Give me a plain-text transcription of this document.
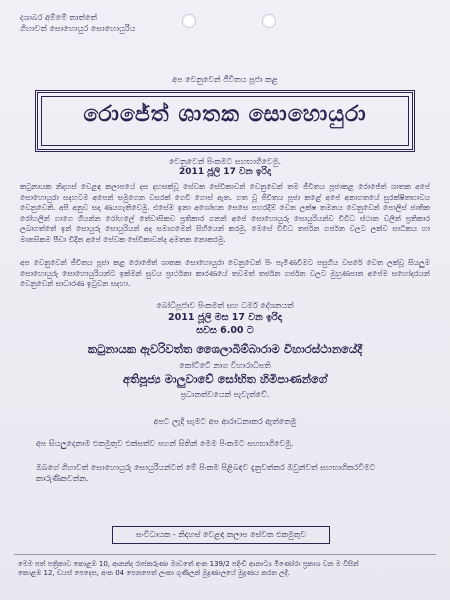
දශාබර අම්මේ තාත්තේ
ගිහාවත් සොහොයුර සොහොයුරිය
අප වෙනුවෙන් ජීවිතය පූජා කළ
රොජේත් ශාතක සොහොයුරා
වෙනුවෙන් පිංකමට සහභාගිවෙමු.
2011 ජූලි 17 වන ඉරිදා
කටුනායක නිදහස් වෙළඳ කලාපයේ දස දහසක්වූ සේවක සේවිකාවන් වෙනුවෙන් තම ජීවිතය පූජාකළ රොජේත් ශාතක අපේ සොහොයුරා සදහටම අපෙන් සමුගෙන වසරක් ගෙවී ගොස් ඇත. ගත වූ ජීවිතය පූජා කළේ අපේ අනාගතයේ සුරක්ෂිතභාවය වෙනුවෙනි. අපි අනුව සදා ණයගැතිවෙමු. එසේම ඉනා අශෝභන සෙසෙ පහරදීම් වෙන ලක්ෂ තමනය වෙනුවෙන් පොලිස් ජාතික රෝහලින් ගාගෙ ගියන්න රෝහලේ තේවාසිකව ප්‍රතිකාර ගනන් අපේ සොහොයුරු සොයුරියන්ව විවිධ ස්ථාන වලින් ප්‍රතිකාර ලබාගත්තේ ඉන් සොයුරු සොයුරියන් අද සමාගමෙන් සිහියෙන් කරමු. මෙසේ විවිධ තර්ජන ගර්ජන වලට ලක්ව සාධිකය හා මානසිකම පීඩා විදින අපේ සේවක සේවිකාවන්ද අමතක නොකරමු.
අප වෙනුවෙන් ජීවිතය පූජා කළ රොජේත් ශාතක සොහොයුරා වෙනුවෙන් පිං පැමිණවීමට පසුගිය වසරේ වෙත ලක්වූ සියලුම සොහොයුරු සොහොයුරියන්ට ඉක්මන් සුවය ප්‍රාර්ථනා කාරණයේ තවමත් තර්ජන ගර්ජන වලට මුහුණපාන අපේම සහෝදරයන් වෙනුවෙන් සාධාරණ ඉටුවන සදහා.
බෝධිපූජාව පිංකමත් සහ ධර්ම දේශනයත්
2011 ජූලි මස 17 වන ඉරිදා
සවස 6.00 ට
කටුනායක ඇවරිවත්ත ශෛලාබිම්බාරාම විහාරස්ථානයේදී
කෝට්ටේ නාග විහාරාධිපති
අතිපූජ්‍ය මාලුවාවේ සෝභිත හිමිපාණන්ගේ
ප්‍රධානත්වයෙන් පැවැත්වේ.
අපට ලැදි සැමට අප ආරාධනාකර ඇත්තෙමු
අප සියලුදෙනාම එකමුතුව එක්සත්ව පහන් සිතින් මෙම පිංකමට සහභාගිවෙමු.
ඔබගේ ගිහාවත් සොහොයුරු සොයුරියන්ටත් මේ පිංකම පිළිබඳව දැනුවත්කර ඔවුන්වත් සහභාගිකරවීමට කාරුණිකවන්න.
සංවිධායක - නිදහස් වෙළඳ කලාප සේවක එකමුතුව
මෙම පත් පත්‍රිකාව කොළඹ 10, ආනන්ද රාජකරුණා මාවතේ අංක 139/2 පදිංචි ආනාට්‍ය මිණෝරා ප්‍රකාශ වන ම විසින්
කොළඹ 12, ඩයස් පෙදෙස, අංක 04 පෙනපෙත් ලංකා ගුණිලක් මුද්‍රණාලයේ මුද්‍රණය කරන ලදී.
